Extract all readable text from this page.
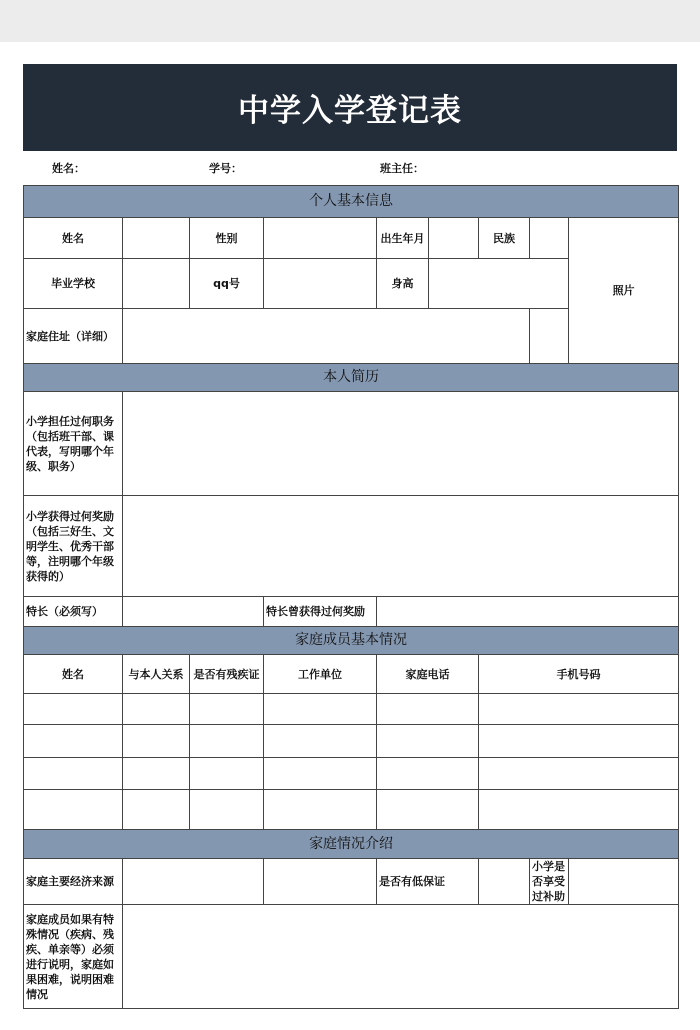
中学入学登记表
姓名：	学号：	班主任：
个人基本信息								
姓名		性别		出生年月		民族		照片
毕业学校		qq号		身高				
家庭住址（详细）								
本人简历								
小学担任过何职务（包括班干部、课代表，写明哪个年级、职务）								
小学获得过何奖励（包括三好生、文明学生、优秀干部等，注明哪个年级获得的）								
特长（必须写）			特长曾获得过何奖励					
家庭成员基本情况								
姓名	与本人关系	是否有残疾证	工作单位	家庭电话		手机号码		

家庭情况介绍								
家庭主要经济来源				是否有低保证			小学是否享受过补助	
家庭成员如果有特殊情况（疾病、残疾、单亲等）必须进行说明，家庭如果困难，说明困难情况								
